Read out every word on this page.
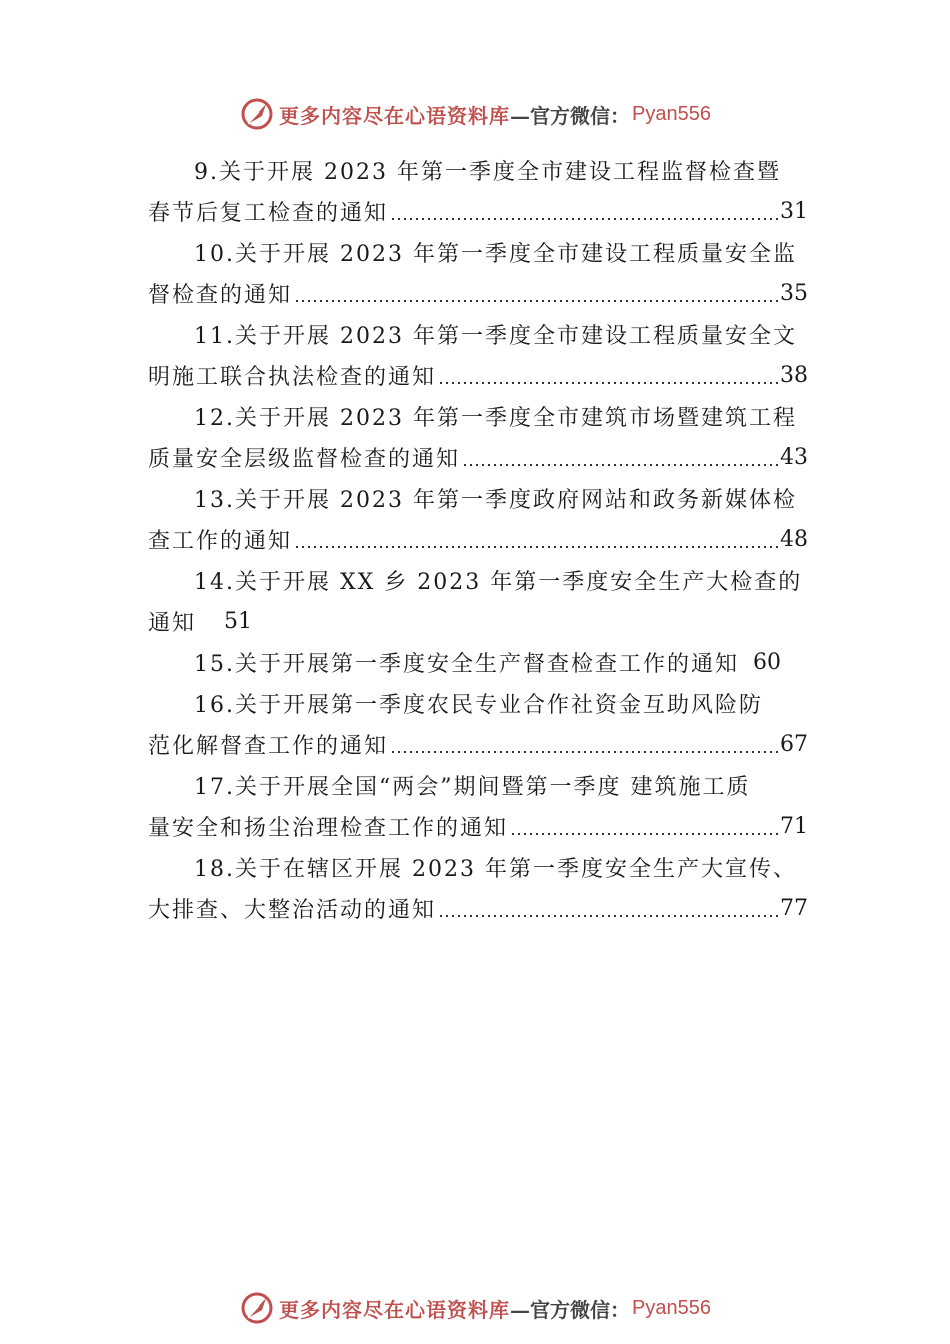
更多内容尽在心语资料库 —官方微信： Pyan556
9.关于开展 2023 年第一季度全市建设工程监督检查暨
春节后复工检查的通知	31
10.关于开展 2023 年第一季度全市建设工程质量安全监
督检查的通知	35
11.关于开展 2023 年第一季度全市建设工程质量安全文
明施工联合执法检查的通知	38
12.关于开展 2023 年第一季度全市建筑市场暨建筑工程
质量安全层级监督检查的通知	43
13.关于开展 2023 年第一季度政府网站和政务新媒体检
查工作的通知	48
14.关于开展 XX 乡 2023 年第一季度安全生产大检查的
通知 51
15.关于开展第一季度安全生产督查检查工作的通知 60
16.关于开展第一季度农民专业合作社资金互助风险防
范化解督查工作的通知	67
17.关于开展全国“两会”期间暨第一季度 建筑施工质
量安全和扬尘治理检查工作的通知	71
18.关于在辖区开展 2023 年第一季度安全生产大宣传、
大排查、大整治活动的通知	77
更多内容尽在心语资料库 —官方微信： Pyan556
